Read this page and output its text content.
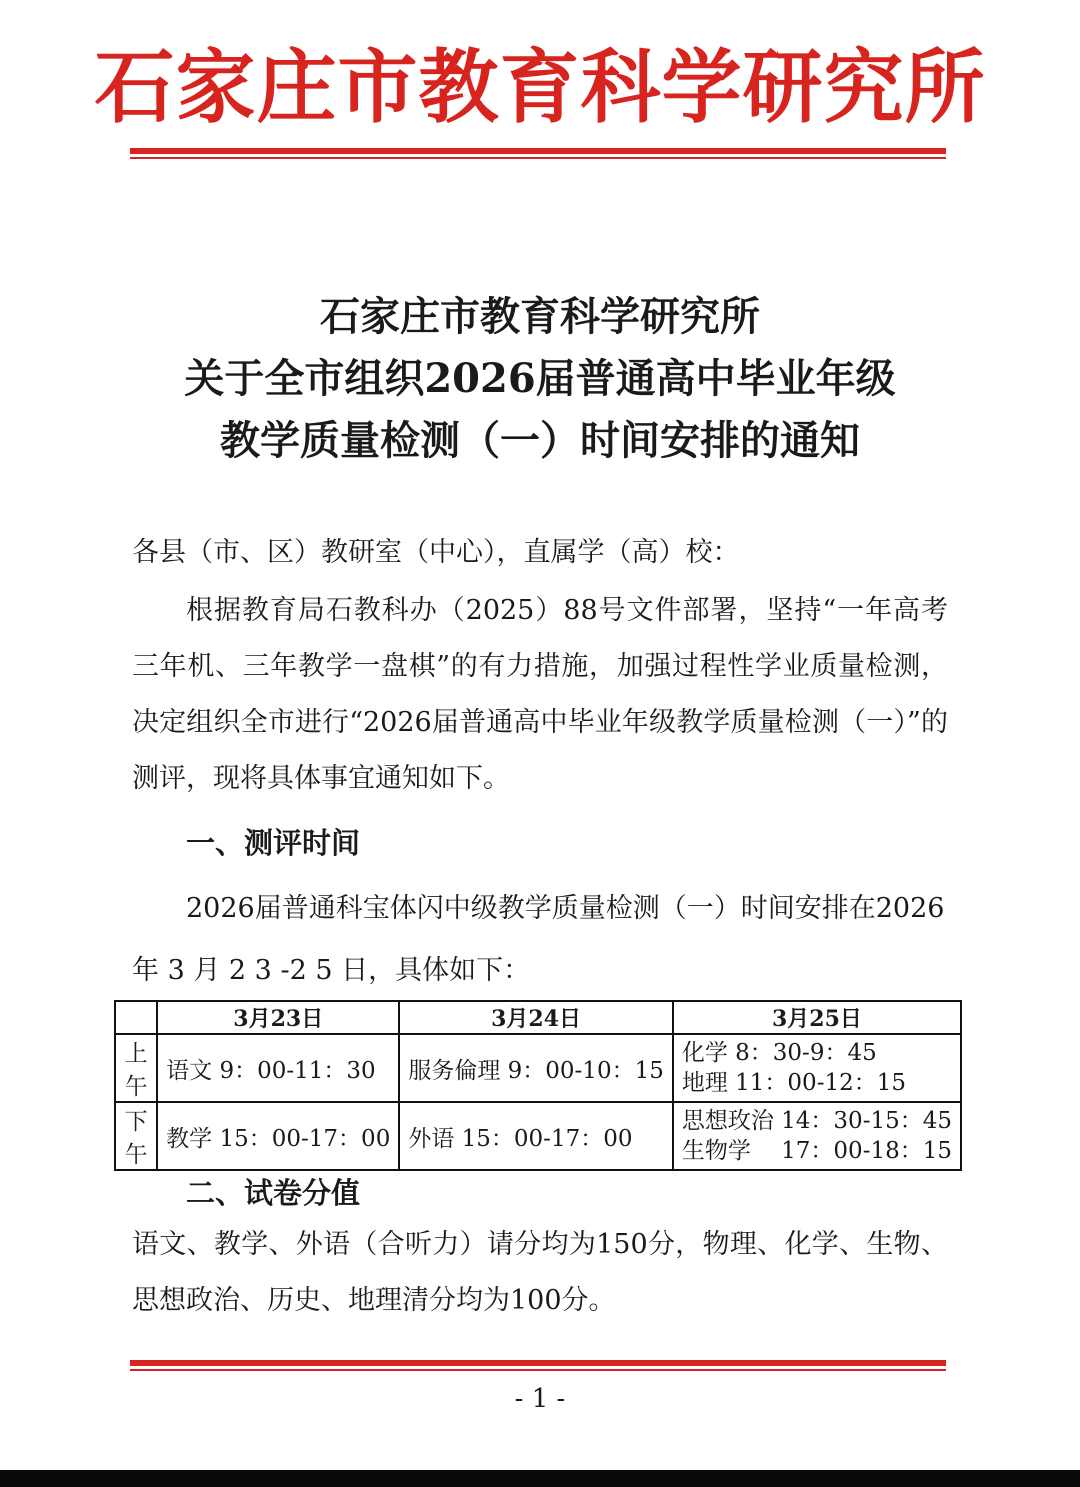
石家庄市教育科学研究所
石家庄市教育科学研究所
关于全市组织2026届普通高中毕业年级
教学质量检测（一）时间安排的通知

各县（市、区）教研室（中心），直属学（高）校：

根据教育局石教科办（2025）88号文件部署，坚持“一年高考三年机、三年教学一盘棋”的有力措施，加强过程性学业质量检测，决定组织全市进行“2026届普通高中毕业年级教学质量检测（一）”的测评，现将具体事宜通知如下。

一、测评时间

2026届普通科宝体闪中级教学质量检测（一）时间安排在2026年 3 月 2 3 -2 5 日，具体如下：

	3月23日	3月24日	3月25日
上午	语文 9：00-11：30	服务倫理 9：00-10：15	化学 8：30-9：45
地理 11：00-12：15

下午	教学 15：00-17：00	外语 15：00-17：00	思想玫治 14：30-15：45
生物学　 17：00-18：15
二、试卷分值

语文、教学、外语（合听力）请分均为150分，物理、化学、生物、思想政治、历史、地理清分均为100分。

- 1 -
